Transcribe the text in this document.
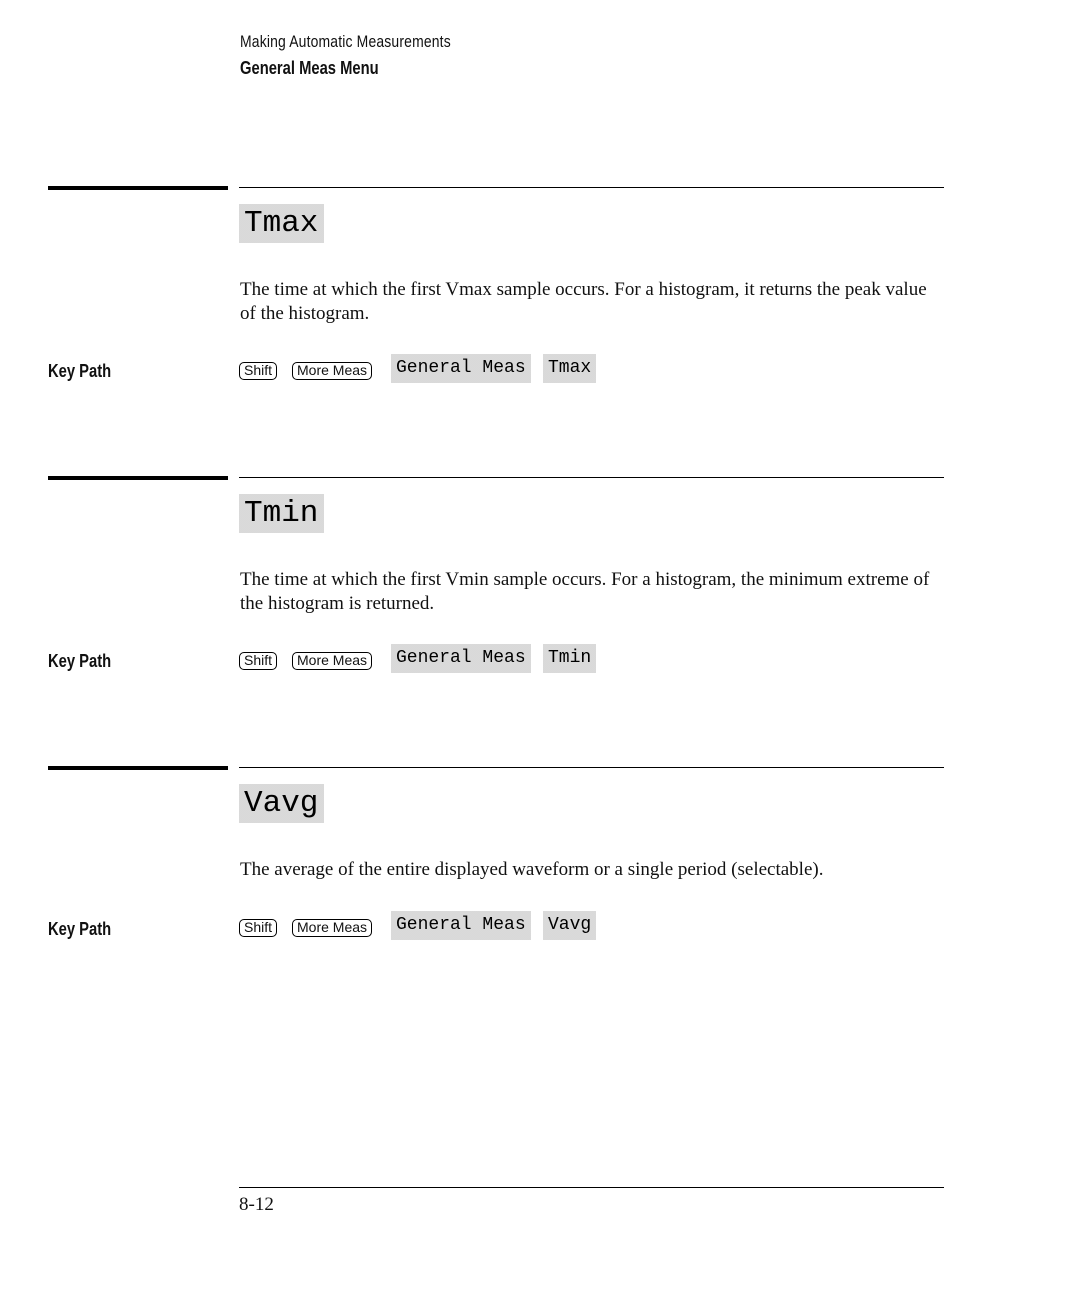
Making Automatic Measurements
General Meas Menu
Tmax

The time at which the first Vmax sample occurs. For a histogram, it returns the peak value of the histogram.

Key Path	Shift	More Meas General Meas Tmax
Tmin

The time at which the first Vmin sample occurs. For a histogram, the minimum extreme of the histogram is returned.

Key Path	Shift	More Meas General Meas Tmin
Vavg

The average of the entire displayed waveform or a single period (selectable).

Key Path	Shift	More Meas General Meas Vavg
8-12
